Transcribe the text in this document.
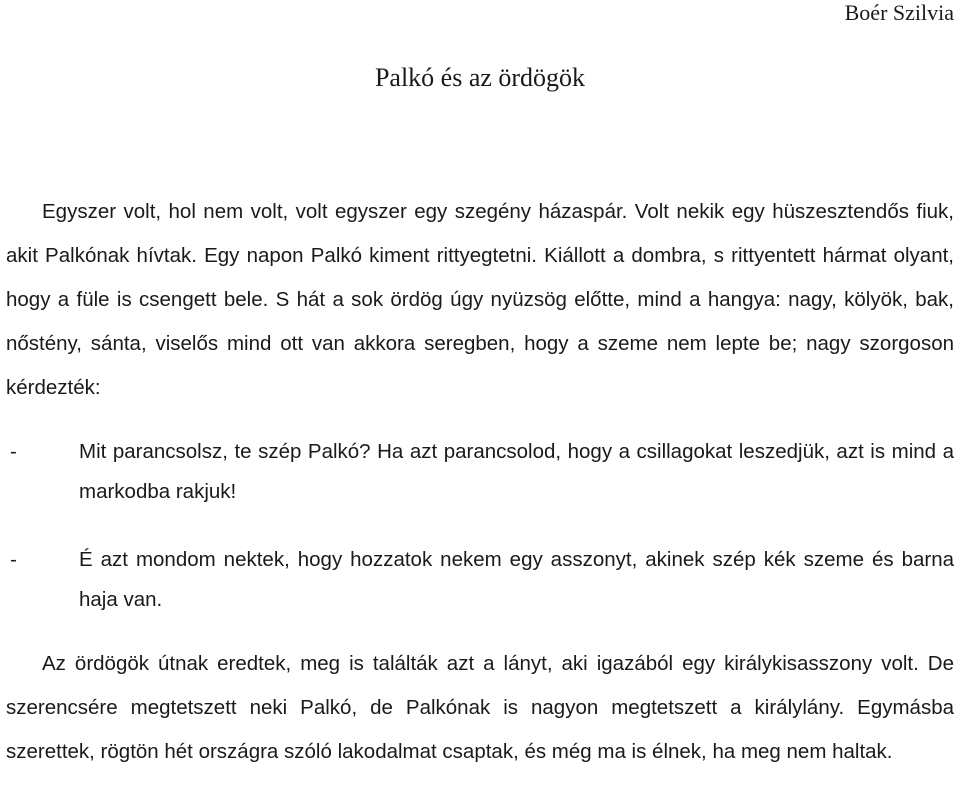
Boér Szilvia
Palkó és az ördögök

Egyszer volt, hol nem volt, volt egyszer egy szegény házaspár. Volt nekik egy hüszesztendős fiuk, akit Palkónak hívtak. Egy napon Palkó kiment rittyegtetni. Kiállott a dombra, s rittyentett hármat olyant, hogy a füle is csengett bele. S hát a sok ördög úgy nyüzsög előtte, mind a hangya: nagy, kölyök, bak, nőstény, sánta, viselős mind ott van akkora seregben, hogy a szeme nem lepte be; nagy szorgoson kérdezték:

-	Mit parancsolsz, te szép Palkó? Ha azt parancsolod, hogy a csillagokat leszedjük, azt is mind a markodba rakjuk!
-	É azt mondom nektek, hogy hozzatok nekem egy asszonyt, akinek szép kék szeme és barna haja van.

Az ördögök útnak eredtek, meg is találták azt a lányt, aki igazából egy királykisasszony volt. De szerencsére megtetszett neki Palkó, de Palkónak is nagyon megtetszett a királylány. Egymásba szerettek, rögtön hét országra szóló lakodalmat csaptak, és még ma is élnek, ha meg nem haltak.
